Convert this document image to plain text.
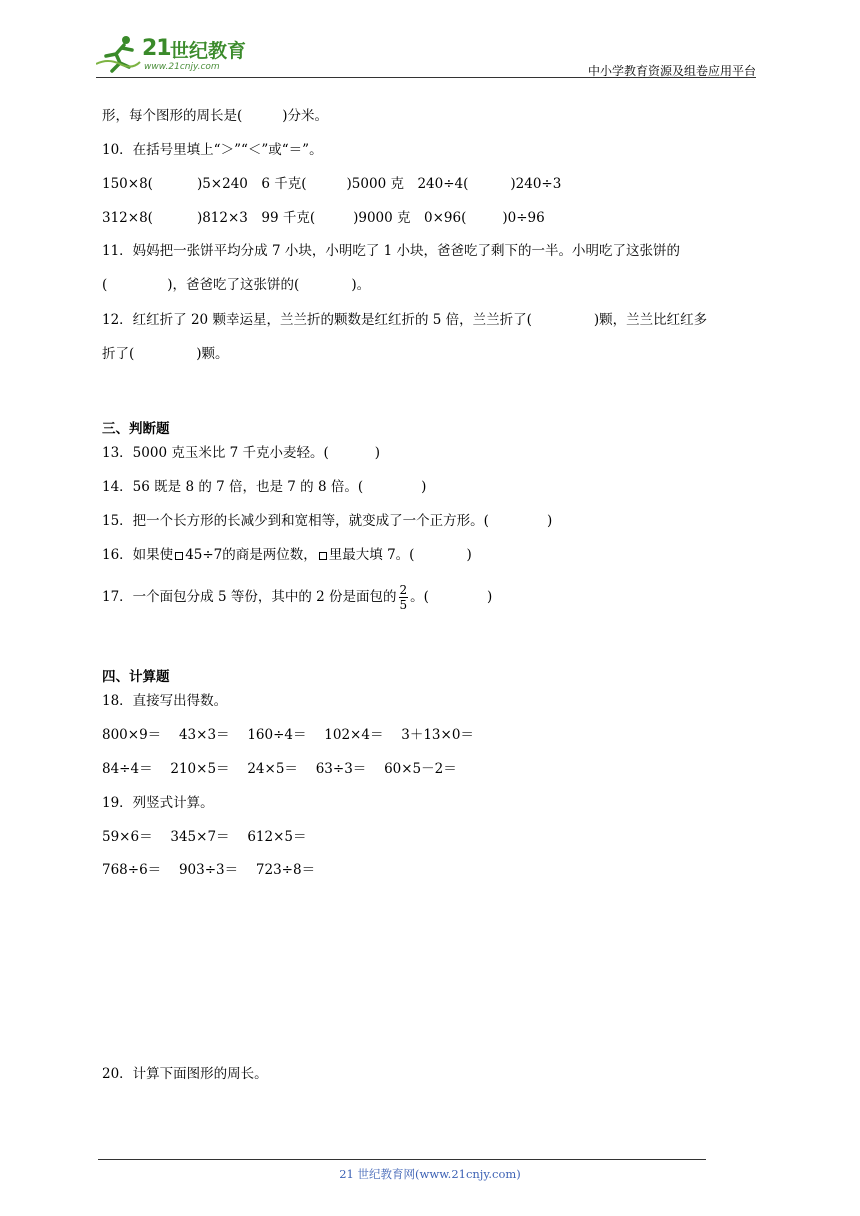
21 世纪教育
www.21cnjy.com	中小学教育资源及组卷应用平台
形，每个图形的周长是(	)分米。
10．在括号里填上“＞”“＜”或“＝”。
150×8(	)5×240　6 千克(	)5000 克　240÷4(	)240÷3
312×8(	)812×3　99 千克(	)9000 克　0×96(	)0÷96
11．妈妈把一张饼平均分成 7 小块，小明吃了 1 小块，爸爸吃了剩下的一半。小明吃了这张饼的
(	)，爸爸吃了这张饼的(	)。
12．红红折了 20 颗幸运星，兰兰折的颗数是红红折的 5 倍，兰兰折了(	)颗，兰兰比红红多
折了(	)颗。
三、判断题
13．5000 克玉米比 7 千克小麦轻。(	)
14．56 既是 8 的 7 倍，也是 7 的 8 倍。(	)
15．把一个长方形的长减少到和宽相等，就变成了一个正方形。(	)
16．如果使 45÷7的商是两位数， 里最大填 7。(	)
17．一个面包分成 5 等份，其中的 2 份是面包的 $\frac{2}{5}$ 。(	)
四、计算题
18．直接写出得数。
800×9＝　 43×3＝　 160÷4＝　 102×4＝　 3＋13×0＝
84÷4＝　 210×5＝　 24×5＝　 63÷3＝　 60×5－2＝
19．列竖式计算。
59×6＝　 345×7＝　 612×5＝
768÷6＝　 903÷3＝　 723÷8＝
20．计算下面图形的周长。
21 世纪教育网(www.21cnjy.com)
